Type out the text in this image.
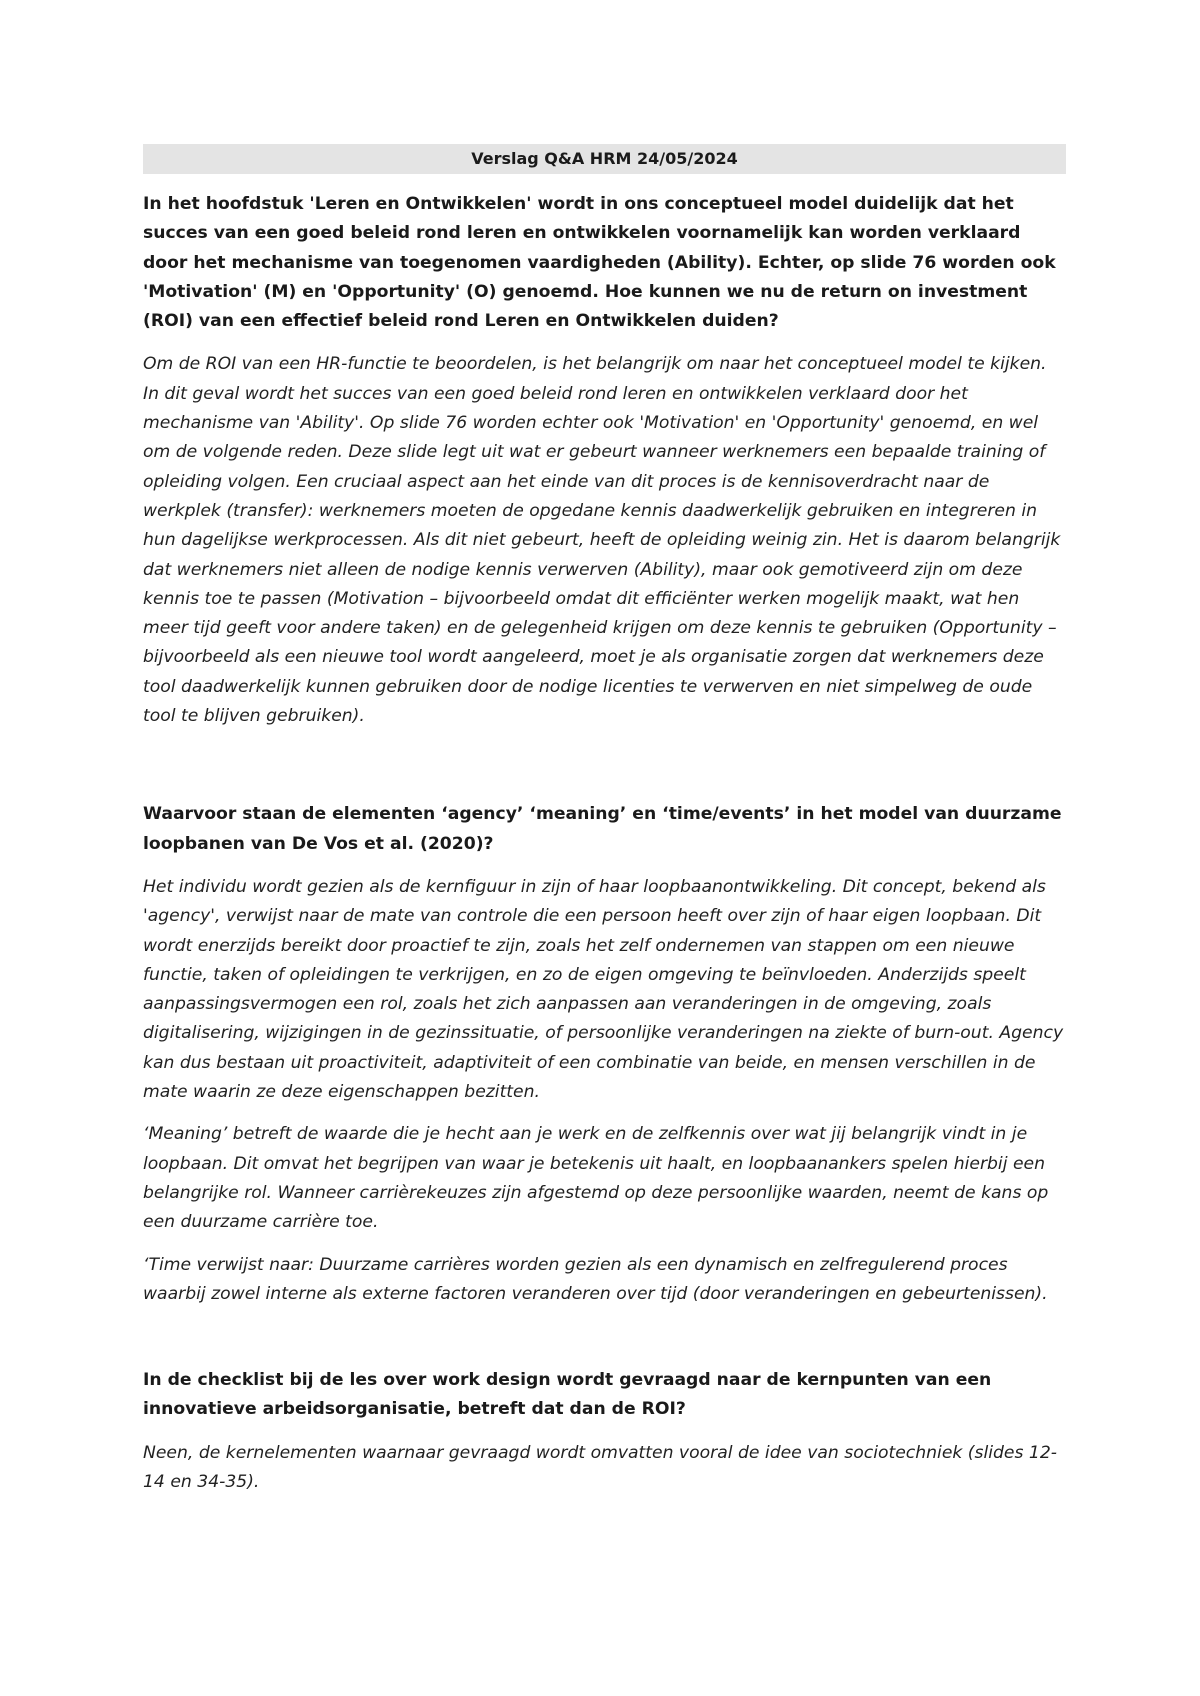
Verslag Q&A HRM 24/05/2024

In het hoofdstuk 'Leren en Ontwikkelen' wordt in ons conceptueel model duidelijk dat het succes van een goed beleid rond leren en ontwikkelen voornamelijk kan worden verklaard door het mechanisme van toegenomen vaardigheden (Ability). Echter, op slide 76 worden ook 'Motivation' (M) en 'Opportunity' (O) genoemd. Hoe kunnen we nu de return on investment (ROI) van een effectief beleid rond Leren en Ontwikkelen duiden?

Om de ROI van een HR-functie te beoordelen, is het belangrijk om naar het conceptueel model te kijken. In dit geval wordt het succes van een goed beleid rond leren en ontwikkelen verklaard door het mechanisme van 'Ability'. Op slide 76 worden echter ook 'Motivation' en 'Opportunity' genoemd, en wel om de volgende reden. Deze slide legt uit wat er gebeurt wanneer werknemers een bepaalde training of opleiding volgen. Een cruciaal aspect aan het einde van dit proces is de kennisoverdracht naar de werkplek (transfer): werknemers moeten de opgedane kennis daadwerkelijk gebruiken en integreren in hun dagelijkse werkprocessen. Als dit niet gebeurt, heeft de opleiding weinig zin. Het is daarom belangrijk dat werknemers niet alleen de nodige kennis verwerven (Ability), maar ook gemotiveerd zijn om deze kennis toe te passen (Motivation – bijvoorbeeld omdat dit efficiënter werken mogelijk maakt, wat hen meer tijd geeft voor andere taken) en de gelegenheid krijgen om deze kennis te gebruiken (Opportunity – bijvoorbeeld als een nieuwe tool wordt aangeleerd, moet je als organisatie zorgen dat werknemers deze tool daadwerkelijk kunnen gebruiken door de nodige licenties te verwerven en niet simpelweg de oude tool te blijven gebruiken).

Waarvoor staan de elementen ‘agency’ ‘meaning’ en ‘time/events’ in het model van duurzame loopbanen van De Vos et al. (2020)?

Het individu wordt gezien als de kernfiguur in zijn of haar loopbaanontwikkeling. Dit concept, bekend als 'agency', verwijst naar de mate van controle die een persoon heeft over zijn of haar eigen loopbaan. Dit wordt enerzijds bereikt door proactief te zijn, zoals het zelf ondernemen van stappen om een nieuwe functie, taken of opleidingen te verkrijgen, en zo de eigen omgeving te beïnvloeden. Anderzijds speelt aanpassingsvermogen een rol, zoals het zich aanpassen aan veranderingen in de omgeving, zoals digitalisering, wijzigingen in de gezinssituatie, of persoonlijke veranderingen na ziekte of burn-out. Agency kan dus bestaan uit proactiviteit, adaptiviteit of een combinatie van beide, en mensen verschillen in de mate waarin ze deze eigenschappen bezitten.

‘Meaning’ betreft de waarde die je hecht aan je werk en de zelfkennis over wat jij belangrijk vindt in je loopbaan. Dit omvat het begrijpen van waar je betekenis uit haalt, en loopbaanankers spelen hierbij een belangrijke rol. Wanneer carrièrekeuzes zijn afgestemd op deze persoonlijke waarden, neemt de kans op een duurzame carrière toe.

‘Time verwijst naar: Duurzame carrières worden gezien als een dynamisch en zelfregulerend proces waarbij zowel interne als externe factoren veranderen over tijd (door veranderingen en gebeurtenissen).

In de checklist bij de les over work design wordt gevraagd naar de kernpunten van een innovatieve arbeidsorganisatie, betreft dat dan de ROI?

Neen, de kernelementen waarnaar gevraagd wordt omvatten vooral de idee van sociotechniek (slides 12-14 en 34-35).
